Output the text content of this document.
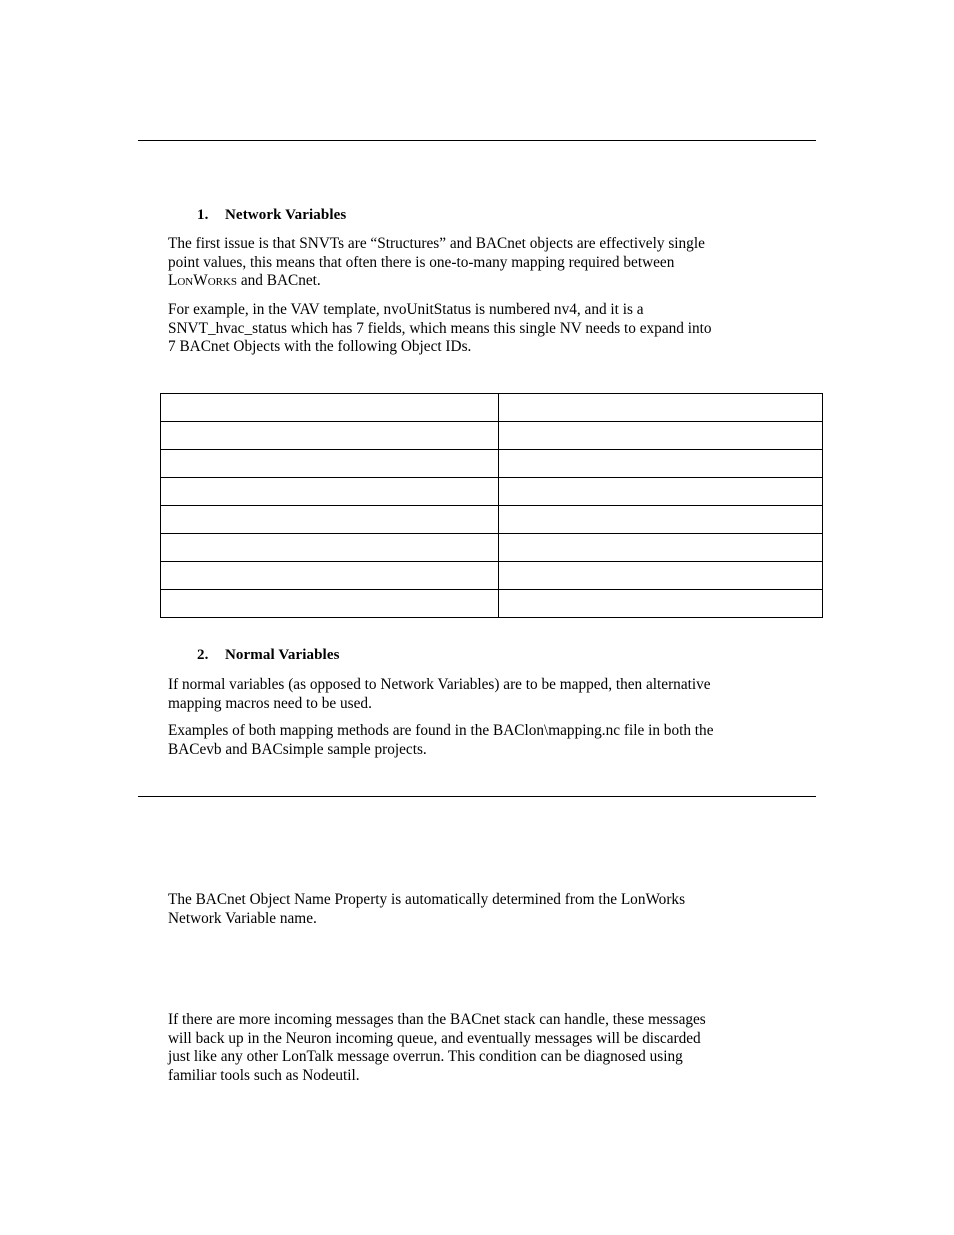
1. Network Variables
The first issue is that SNVTs are “Structures” and BACnet objects are effectively single
point values, this means that often there is one-to-many mapping required between
LONWORKS and BACnet.
For example, in the VAV template, nvoUnitStatus is numbered nv4, and it is a
SNVT_hvac_status which has 7 fields, which means this single NV needs to expand into
7 BACnet Objects with the following Object IDs.

2. Normal Variables
If normal variables (as opposed to Network Variables) are to be mapped, then alternative
mapping macros need to be used.
Examples of both mapping methods are found in the BAClon\mapping.nc file in both the
BACevb and BACsimple sample projects.
The BACnet Object Name Property is automatically determined from the LonWorks
Network Variable name.
If there are more incoming messages than the BACnet stack can handle, these messages
will back up in the Neuron incoming queue, and eventually messages will be discarded
just like any other LonTalk message overrun. This condition can be diagnosed using
familiar tools such as Nodeutil.
